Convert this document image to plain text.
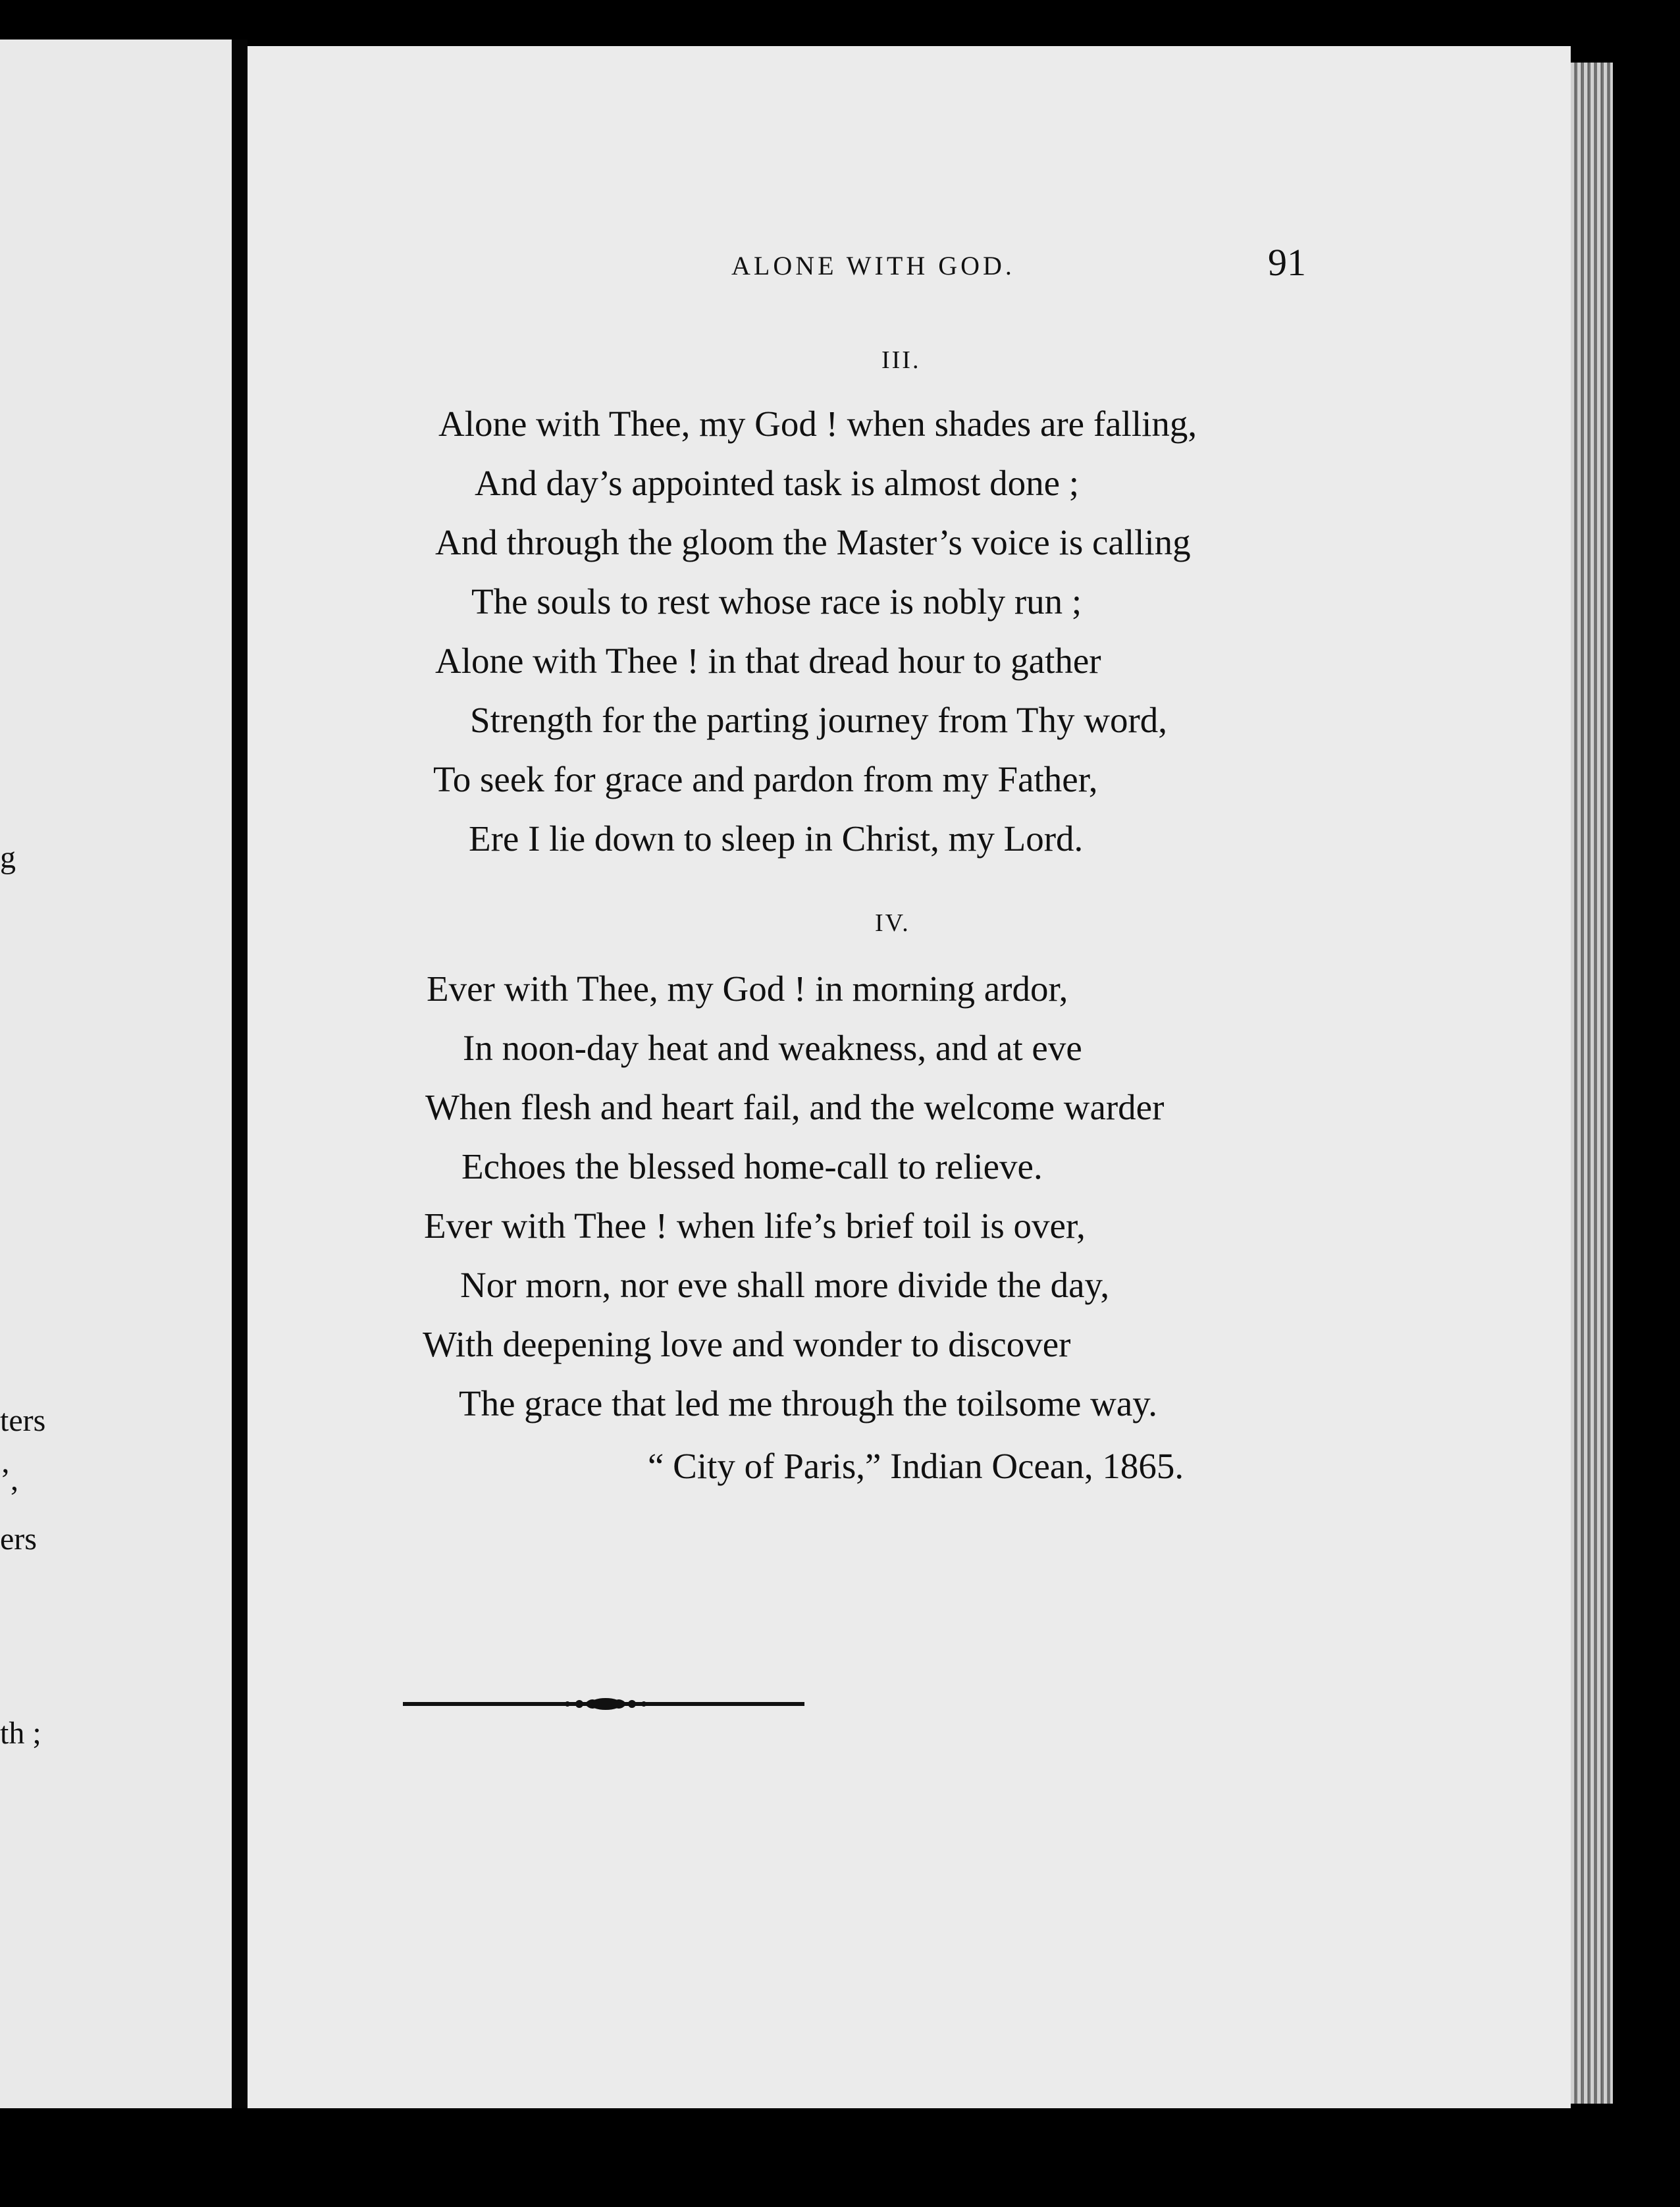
g
ters
’,
ers
th ;
ALONE WITH GOD.	91
III.
Alone with Thee, my God ! when shades are falling,
And day’s appointed task is almost done ;
And through the gloom the Master’s voice is calling
The souls to rest whose race is nobly run ;
Alone with Thee ! in that dread hour to gather
Strength for the parting journey from Thy word,
To seek for grace and pardon from my Father,
Ere I lie down to sleep in Christ, my Lord.
IV.
Ever with Thee, my God ! in morning ardor,
In noon-day heat and weakness, and at eve
When flesh and heart fail, and the welcome warder
Echoes the blessed home-call to relieve.
Ever with Thee ! when life’s brief toil is over,
Nor morn, nor eve shall more divide the day,
With deepening love and wonder to discover
The grace that led me through the toilsome way.
“ City of Paris,” Indian Ocean, 1865.
